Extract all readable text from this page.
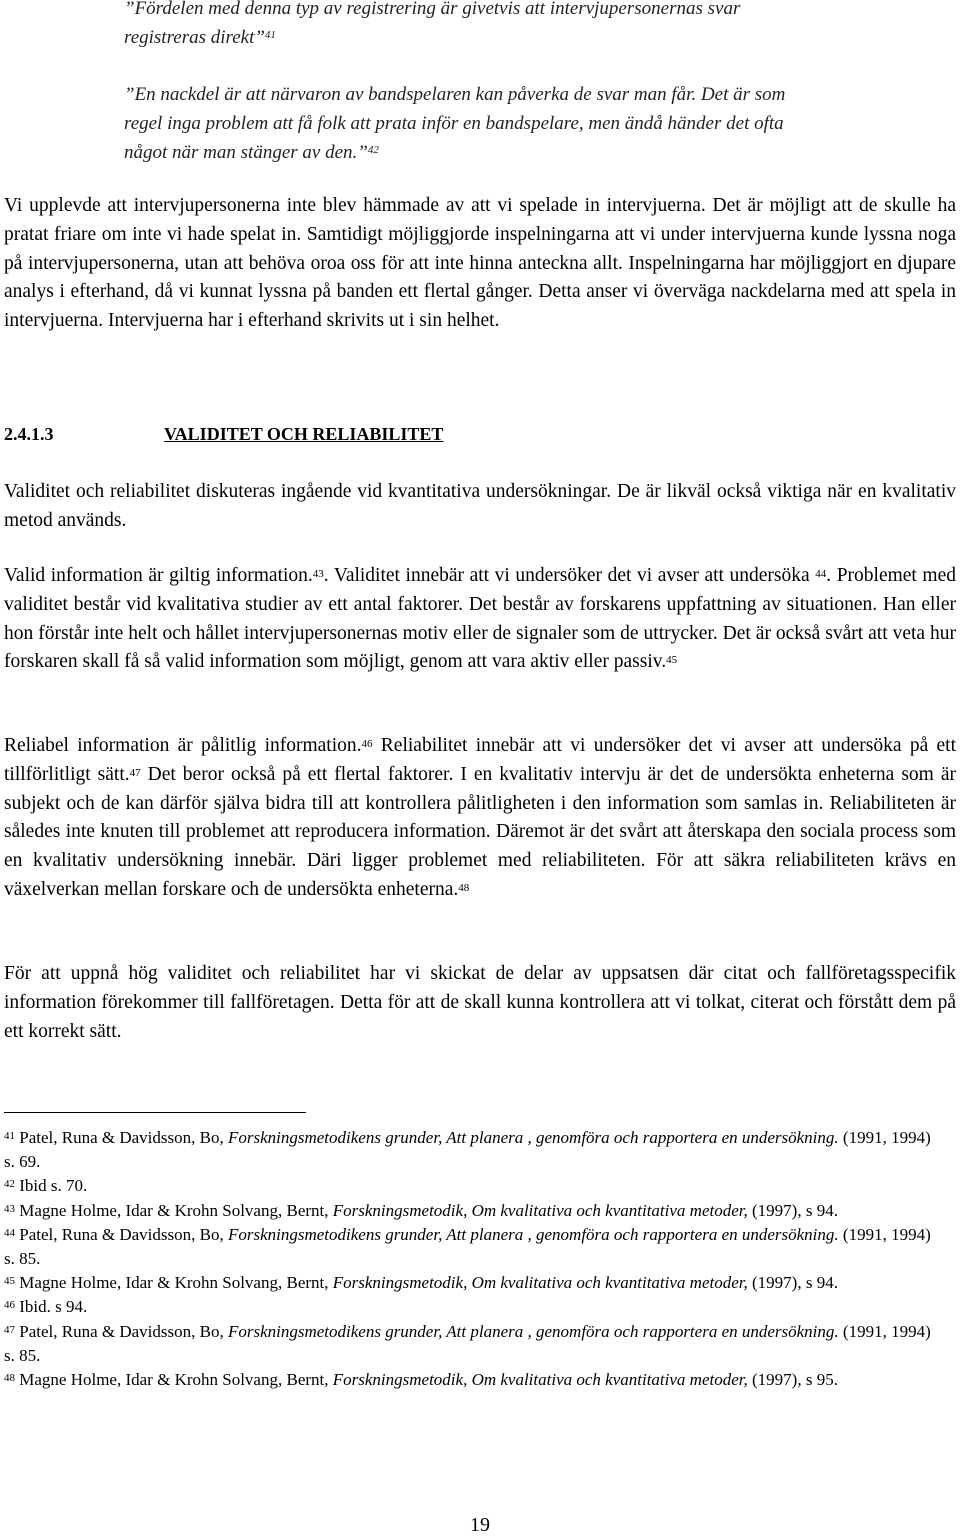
”Fördelen med denna typ av registrering är givetvis att intervjupersonernas svar registreras direkt”$^{41}$
”En nackdel är att närvaron av bandspelaren kan påverka de svar man får. Det är som regel inga problem att få folk att prata inför en bandspelare, men ändå händer det ofta något när man stänger av den.”$^{42}$

Vi upplevde att intervjupersonerna inte blev hämmade av att vi spelade in intervjuerna. Det är möjligt att de skulle ha pratat friare om inte vi hade spelat in. Samtidigt möjliggjorde inspelningarna att vi under intervjuerna kunde lyssna noga på intervjupersonerna, utan att behöva oroa oss för att inte hinna anteckna allt. Inspelningarna har möjliggjort en djupare analys i efterhand, då vi kunnat lyssna på banden ett flertal gånger. Detta anser vi överväga nackdelarna med att spela in intervjuerna. Intervjuerna har i efterhand skrivits ut i sin helhet.

2.4.1.3	VALIDITET OCH RELIABILITET

Validitet och reliabilitet diskuteras ingående vid kvantitativa undersökningar. De är likväl också viktiga när en kvalitativ metod används.

Valid information är giltig information.$^{43}$. Validitet innebär att vi undersöker det vi avser att undersöka $^{44}$. Problemet med validitet består vid kvalitativa studier av ett antal faktorer. Det består av forskarens uppfattning av situationen. Han eller hon förstår inte helt och hållet intervjupersonernas motiv eller de signaler som de uttrycker. Det är också svårt att veta hur forskaren skall få så valid information som möjligt, genom att vara aktiv eller passiv.$^{45}$

Reliabel information är pålitlig information.$^{46}$ Reliabilitet innebär att vi undersöker det vi avser att undersöka på ett tillförlitligt sätt.$^{47}$ Det beror också på ett flertal faktorer. I en kvalitativ intervju är det de undersökta enheterna som är subjekt och de kan därför själva bidra till att kontrollera pålitligheten i den information som samlas in. Reliabiliteten är således inte knuten till problemet att reproducera information. Däremot är det svårt att återskapa den sociala process som en kvalitativ undersökning innebär. Däri ligger problemet med reliabiliteten. För att säkra reliabiliteten krävs en växelverkan mellan forskare och de undersökta enheterna.$^{48}$

För att uppnå hög validitet och reliabilitet har vi skickat de delar av uppsatsen där citat och fallföretagsspecifik information förekommer till fallföretagen. Detta för att de skall kunna kontrollera att vi tolkat, citerat och förstått dem på ett korrekt sätt.

$^{41}$ Patel, Runa & Davidsson, Bo, Forskningsmetodikens grunder, Att planera , genomföra och rapportera en undersökning. (1991, 1994) s. 69.
$^{42}$ Ibid s. 70.
$^{43}$ Magne Holme, Idar & Krohn Solvang, Bernt, Forskningsmetodik, Om kvalitativa och kvantitativa metoder, (1997), s 94.
$^{44}$ Patel, Runa & Davidsson, Bo, Forskningsmetodikens grunder, Att planera , genomföra och rapportera en undersökning. (1991, 1994) s. 85.
$^{45}$ Magne Holme, Idar & Krohn Solvang, Bernt, Forskningsmetodik, Om kvalitativa och kvantitativa metoder, (1997), s 94.
$^{46}$ Ibid. s 94.
$^{47}$ Patel, Runa & Davidsson, Bo, Forskningsmetodikens grunder, Att planera , genomföra och rapportera en undersökning. (1991, 1994) s. 85.
$^{48}$ Magne Holme, Idar & Krohn Solvang, Bernt, Forskningsmetodik, Om kvalitativa och kvantitativa metoder, (1997), s 95.
19
